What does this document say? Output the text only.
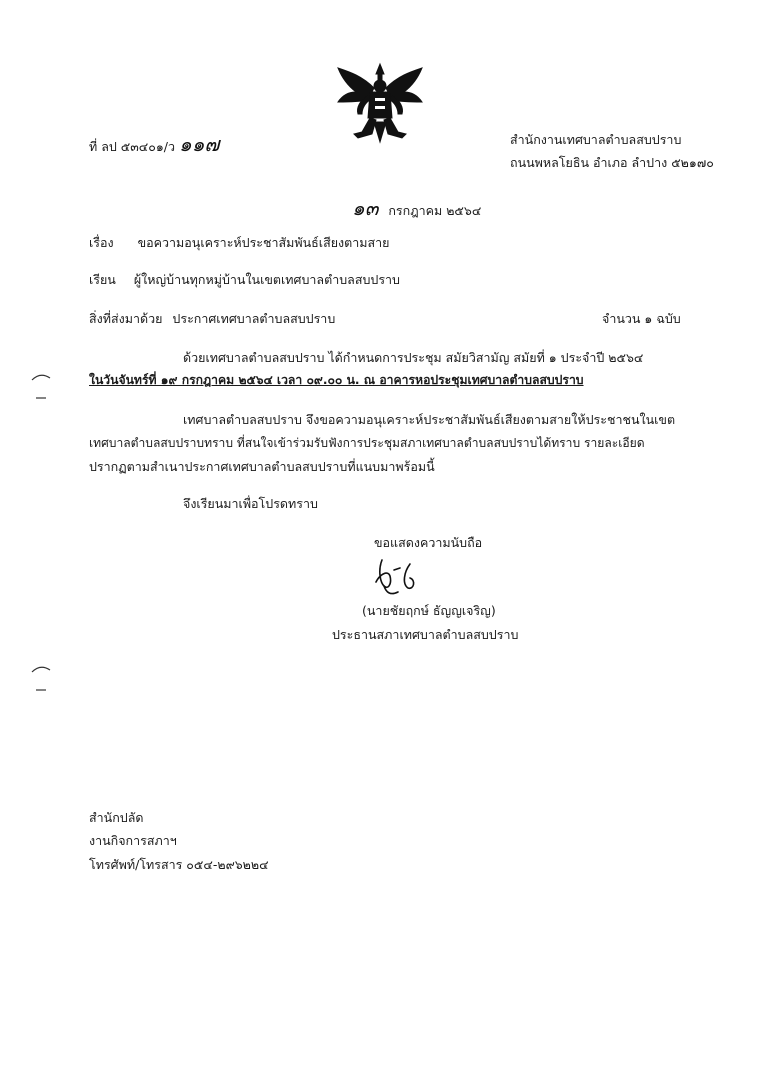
ที่ ลป ๕๓๔๐๑/ว ๑๑๗	สำนักงานเทศบาลตำบลสบปราบ
ถนนพหลโยธิน อำเภอ ลำปาง ๕๒๑๗๐
๑๓ กรกฎาคม ๒๕๖๔
เรื่อง ขอความอนุเคราะห์ประชาสัมพันธ์เสียงตามสาย
เรียน ผู้ใหญ่บ้านทุกหมู่บ้านในเขตเทศบาลตำบลสบปราบ
สิ่งที่ส่งมาด้วย ประกาศเทศบาลตำบลสบปราบ	จำนวน ๑ ฉบับ
ด้วยเทศบาลตำบลสบปราบ ได้กำหนดการประชุม สมัยวิสามัญ สมัยที่ ๑ ประจำปี ๒๕๖๔
ในวันจันทร์ที่ ๑๙ กรกฎาคม ๒๕๖๔ เวลา ๐๙.๐๐ น. ณ อาคารหอประชุมเทศบาลตำบลสบปราบ
เทศบาลตำบลสบปราบ จึงขอความอนุเคราะห์ประชาสัมพันธ์เสียงตามสายให้ประชาชนในเขต
เทศบาลตำบลสบปราบทราบ ที่สนใจเข้าร่วมรับฟังการประชุมสภาเทศบาลตำบลสบปราบได้ทราบ รายละเอียด
ปรากฏตามสำเนาประกาศเทศบาลตำบลสบปราบที่แนบมาพร้อมนี้
จึงเรียนมาเพื่อโปรดทราบ
ขอแสดงความนับถือ
(นายชัยฤกษ์ ธัญญเจริญ)
ประธานสภาเทศบาลตำบลสบปราบ
สำนักปลัด
งานกิจการสภาฯ
โทรศัพท์/โทรสาร ๐๕๔-๒๙๖๒๒๔
